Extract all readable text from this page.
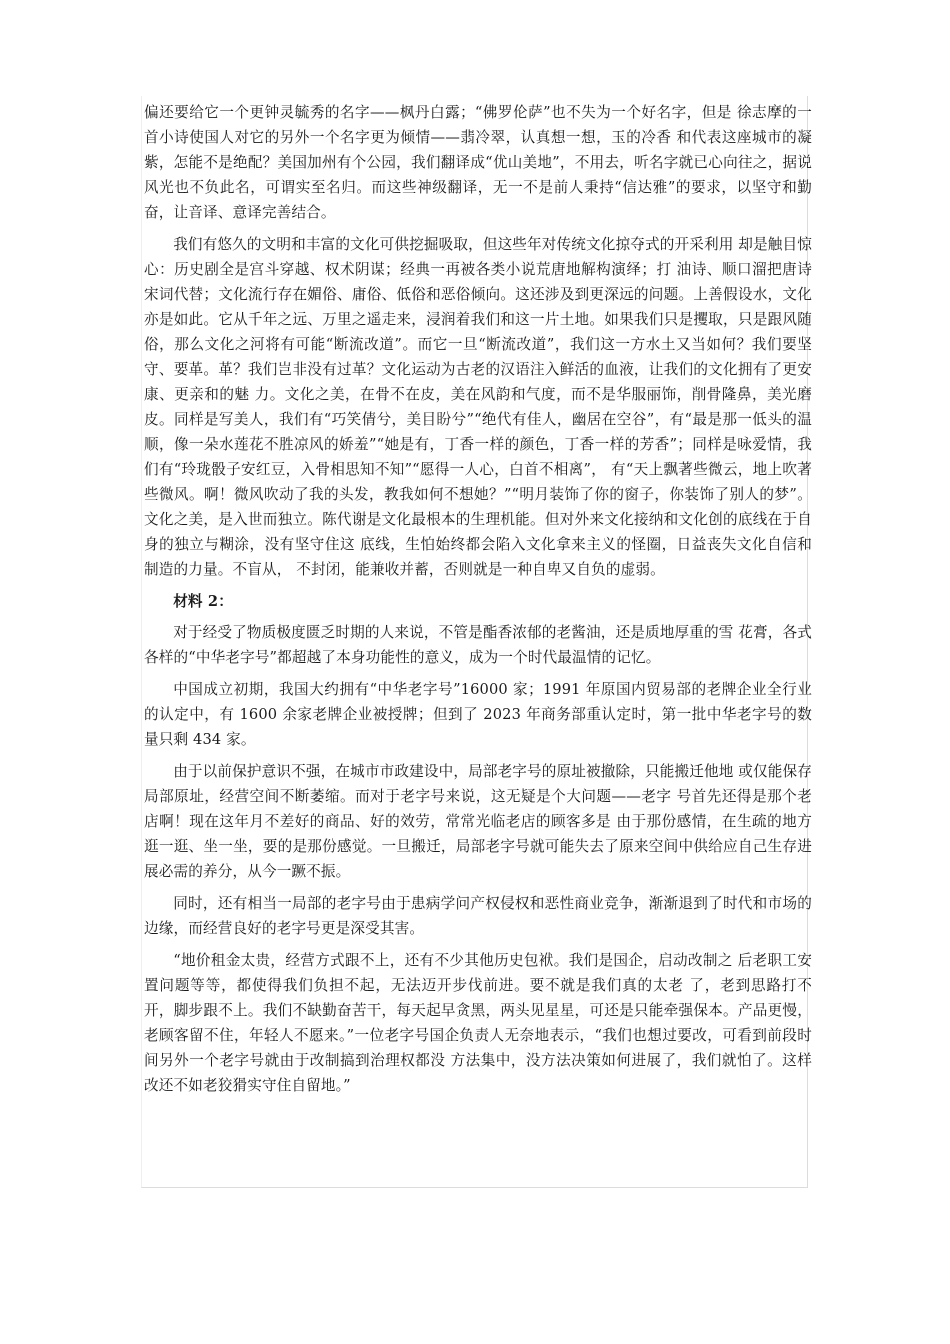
偏还要给它一个更钟灵毓秀的名字——枫丹白露；“佛罗伦萨”也不失为一个好名字，但是 徐志摩的一首小诗使国人对它的另外一个名字更为倾情——翡冷翠，认真想一想，玉的冷香 和代表这座城市的凝紫，怎能不是绝配？美国加州有个公园，我们翻译成“优山美地”，不用去，听名字就已心向往之，据说风光也不负此名，可谓实至名归。而这些神级翻译，无一不是前人秉持“信达雅”的要求，以坚守和勤奋，让音译、意译完善结合。

我们有悠久的文明和丰富的文化可供挖掘吸取，但这些年对传统文化掠夺式的开采利用 却是触目惊心：历史剧全是宫斗穿越、权术阴谋；经典一再被各类小说荒唐地解构演绎；打 油诗、顺口溜把唐诗宋词代替；文化流行存在媚俗、庸俗、低俗和恶俗倾向。这还涉及到更深远的问题。上善假设水，文化亦是如此。它从千年之远、万里之遥走来，浸润着我们和这一片土地。如果我们只是攫取，只是跟风随俗，那么文化之河将有可能“断流改道”。而它一旦“断流改道”，我们这一方水土又当如何？我们要坚守、要革。革？我们岂非没有过革？文化运动为古老的汉语注入鲜活的血液，让我们的文化拥有了更安康、更亲和的魅 力。文化之美，在骨不在皮，美在风韵和气度，而不是华服丽饰，削骨隆鼻，美光磨皮。同样是写美人，我们有“巧笑倩兮，美目盼兮”“绝代有佳人，幽居在空谷”，有“最是那一低头的温顺，像一朵水莲花不胜凉风的娇羞”“她是有，丁香一样的颜色，丁香一样的芳香”；同样是咏爱情，我们有“玲珑骰子安红豆，入骨相思知不知”“愿得一人心，白首不相离”， 有“天上飘著些微云，地上吹著些微风。啊！微风吹动了我的头发，教我如何不想她？”“明月装饰了你的窗子，你装饰了别人的梦”。文化之美，是入世而独立。陈代谢是文化最根本的生理机能。但对外来文化接纳和文化创的底线在于自身的独立与糊涂，没有坚守住这 底线，生怕始终都会陷入文化拿来主义的怪圈，日益丧失文化自信和制造的力量。不盲从， 不封闭，能兼收并蓄，否则就是一种自卑又自负的虚弱。

材料 2：

对于经受了物质极度匮乏时期的人来说，不管是酯香浓郁的老酱油，还是质地厚重的雪 花膏，各式各样的“中华老字号”都超越了本身功能性的意义，成为一个时代最温情的记忆。

中国成立初期，我国大约拥有“中华老字号”16000 家；1991 年原国内贸易部的老牌企业全行业的认定中，有 1600 余家老牌企业被授牌；但到了 2023 年商务部重认定时，第一批中华老字号的数量只剩 434 家。

由于以前保护意识不强，在城市市政建设中，局部老字号的原址被撤除，只能搬迁他地 或仅能保存局部原址，经营空间不断萎缩。而对于老字号来说，这无疑是个大问题——老字 号首先还得是那个老店啊！现在这年月不差好的商品、好的效劳，常常光临老店的顾客多是 由于那份感情，在生疏的地方逛一逛、坐一坐，要的是那份感觉。一旦搬迁，局部老字号就可能失去了原来空间中供给应自己生存进展必需的养分，从今一蹶不振。

同时，还有相当一局部的老字号由于患病学问产权侵权和恶性商业竞争，渐渐退到了时代和市场的边缘，而经营良好的老字号更是深受其害。

“地价租金太贵，经营方式跟不上，还有不少其他历史包袱。我们是国企，启动改制之 后老职工安置问题等等，都使得我们负担不起，无法迈开步伐前进。要不就是我们真的太老 了，老到思路打不开，脚步跟不上。我们不缺勤奋苦干，每天起早贪黑，两头见星星，可还是只能牵强保本。产品更慢，老顾客留不住，年轻人不愿来。”一位老字号国企负责人无奈地表示，“我们也想过要改，可看到前段时间另外一个老字号就由于改制搞到治理权都没 方法集中，没方法决策如何进展了，我们就怕了。这样改还不如老狡猾实守住自留地。”
